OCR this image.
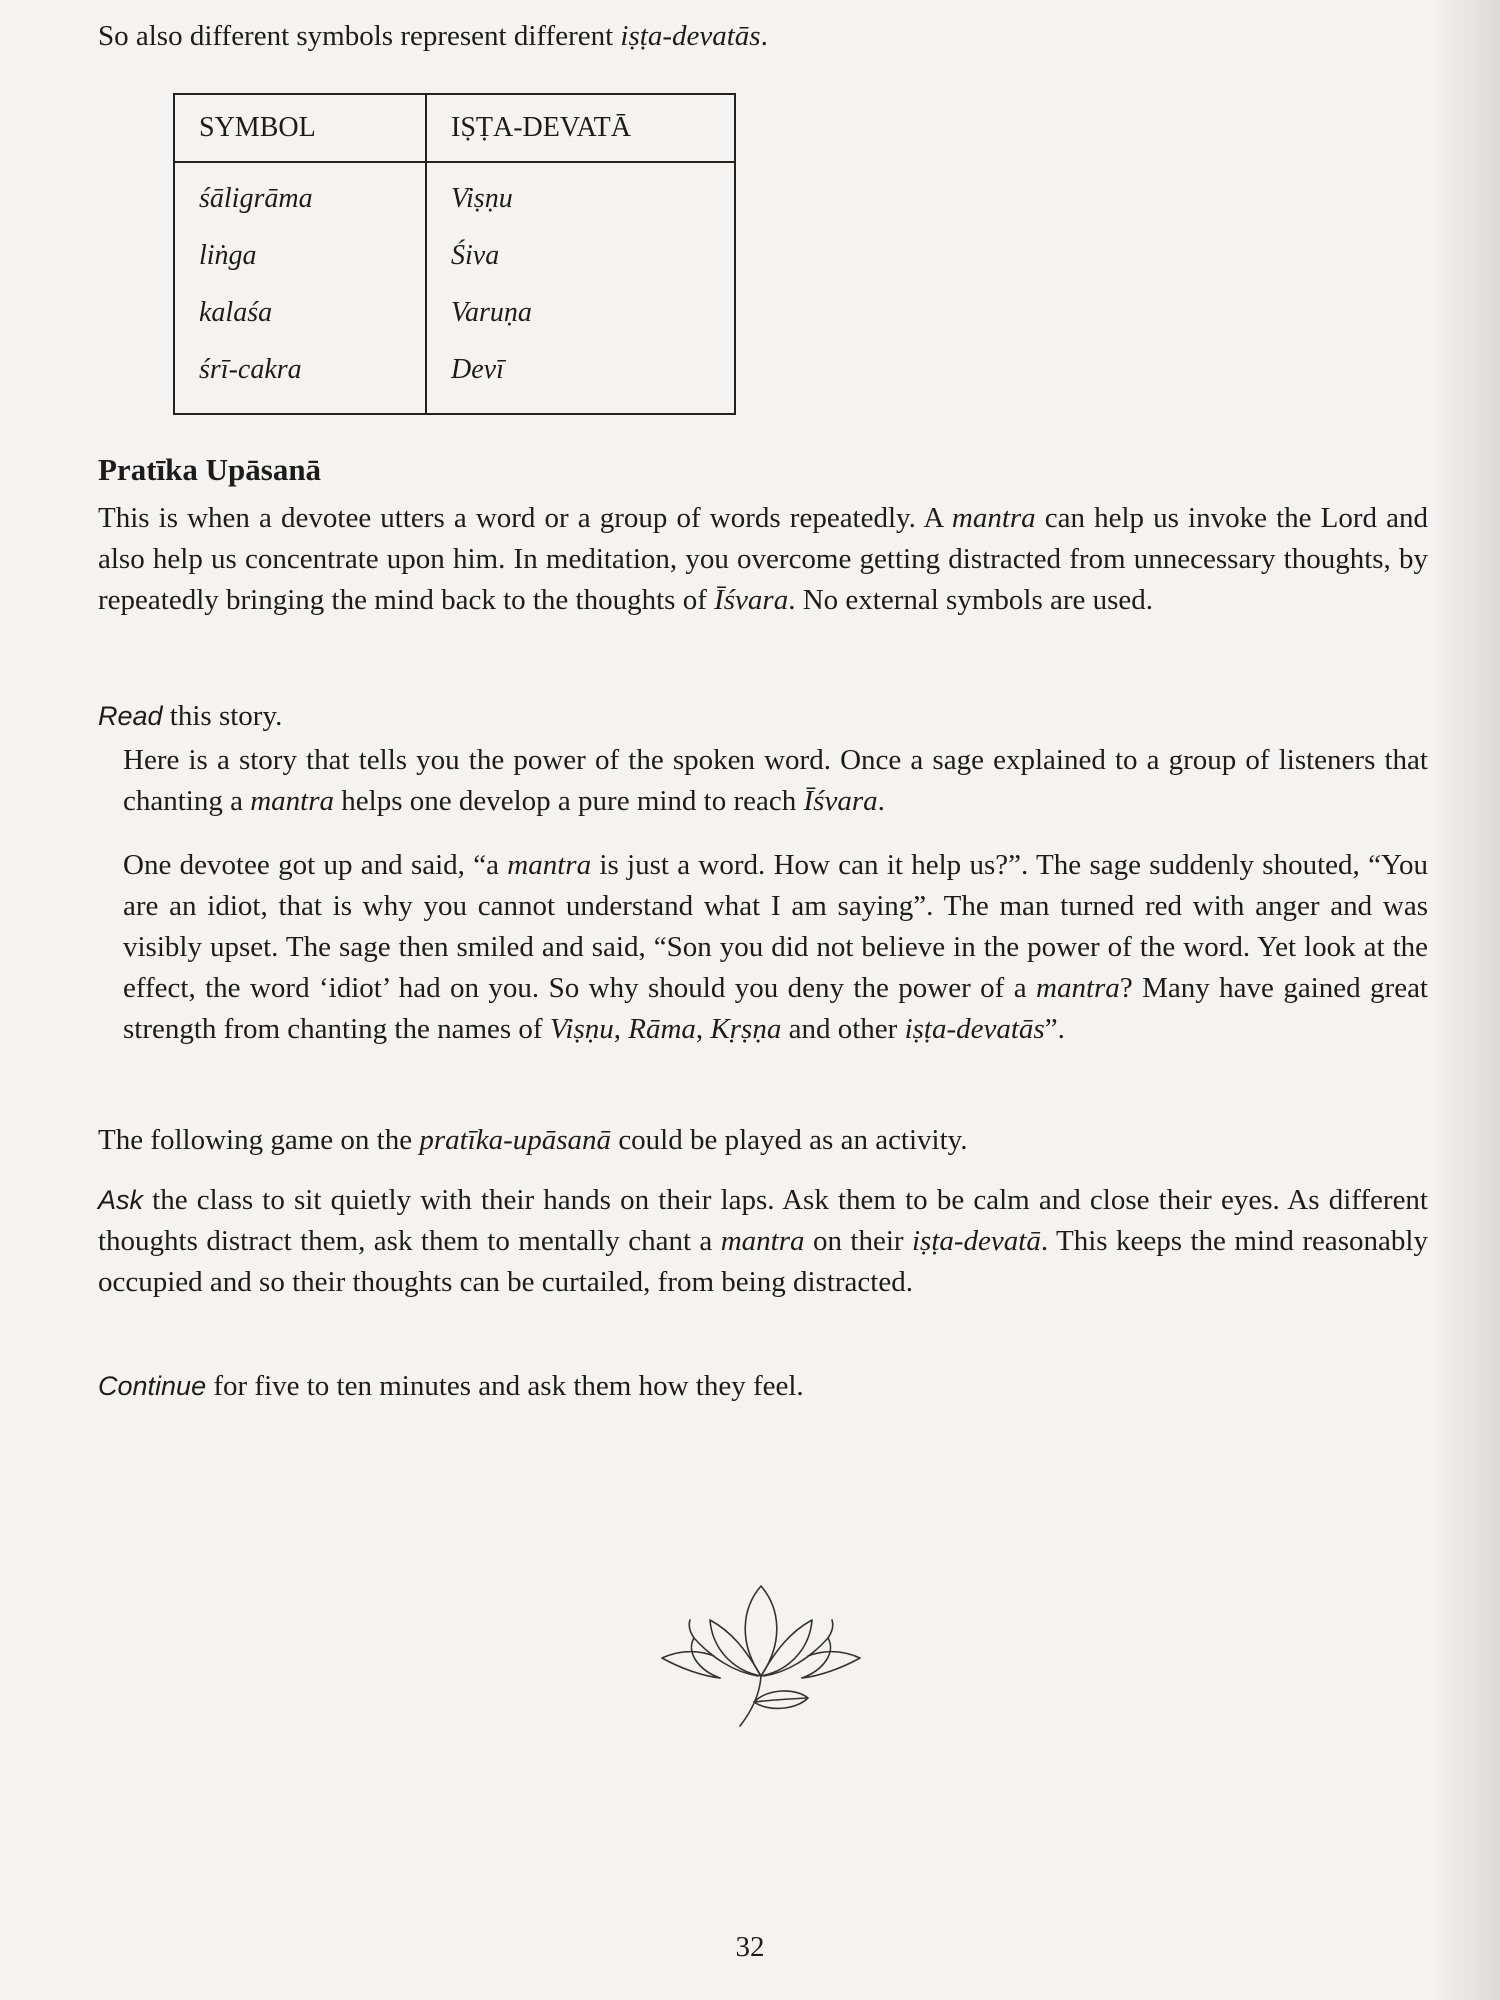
So also different symbols represent different iṣṭa-devatās.
SYMBOL	IṢṬA-DEVATĀ
śāligrāma	Viṣṇu
liṅga	Śiva
kalaśa	Varuṇa
śrī-cakra	Devī
Pratīka Upāsanā
This is when a devotee utters a word or a group of words repeatedly. A mantra can help us invoke the Lord and also help us concentrate upon him. In meditation, you overcome getting distracted from unnecessary thoughts, by repeatedly bringing the mind back to the thoughts of Īśvara. No external symbols are used.
Read this story.
Here is a story that tells you the power of the spoken word. Once a sage explained to a group of listeners that chanting a mantra helps one develop a pure mind to reach Īśvara.
One devotee got up and said, “a mantra is just a word. How can it help us?”. The sage suddenly shouted, “You are an idiot, that is why you cannot understand what I am saying”. The man turned red with anger and was visibly upset. The sage then smiled and said, “Son you did not believe in the power of the word. Yet look at the effect, the word ‘idiot’ had on you. So why should you deny the power of a mantra? Many have gained great strength from chanting the names of Viṣṇu, Rāma, Kṛṣṇa and other iṣṭa-devatās”.
The following game on the pratīka-upāsanā could be played as an activity.
Ask the class to sit quietly with their hands on their laps. Ask them to be calm and close their eyes. As different thoughts distract them, ask them to mentally chant a mantra on their iṣṭa-devatā. This keeps the mind reasonably occupied and so their thoughts can be curtailed, from being distracted.
Continue for five to ten minutes and ask them how they feel.
32
